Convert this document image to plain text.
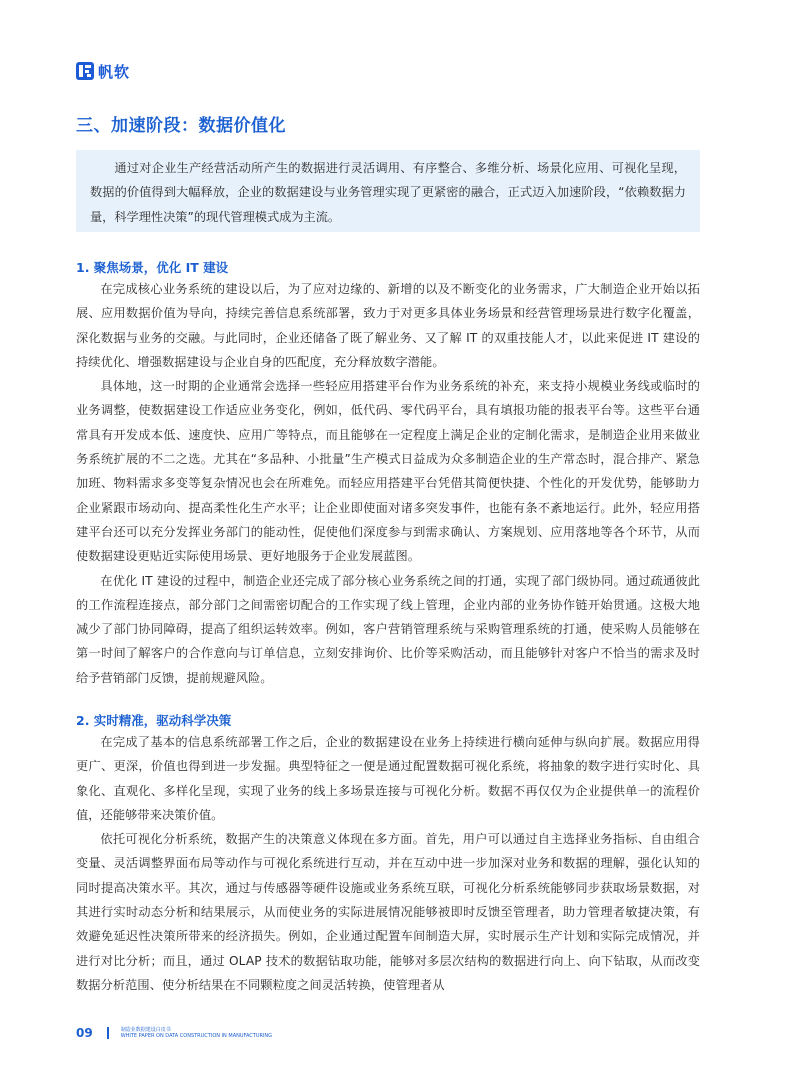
帆软
三、加速阶段：数据价值化

通过对企业生产经营活动所产生的数据进行灵活调用、有序整合、多维分析、场景化应用、可视化呈现，数据的价值得到大幅释放，企业的数据建设与业务管理实现了更紧密的融合，正式迈入加速阶段，“依赖数据力量，科学理性决策”的现代管理模式成为主流。

1. 聚焦场景，优化 IT 建设

在完成核心业务系统的建设以后，为了应对边缘的、新增的以及不断变化的业务需求，广大制造企业开始以拓展、应用数据价值为导向，持续完善信息系统部署，致力于对更多具体业务场景和经营管理场景进行数字化覆盖，深化数据与业务的交融。与此同时，企业还储备了既了解业务、又了解 IT 的双重技能人才，以此来促进 IT 建设的持续优化、增强数据建设与企业自身的匹配度，充分释放数字潜能。

具体地，这一时期的企业通常会选择一些轻应用搭建平台作为业务系统的补充，来支持小规模业务线或临时的业务调整，使数据建设工作适应业务变化，例如，低代码、零代码平台，具有填报功能的报表平台等。这些平台通常具有开发成本低、速度快、应用广等特点，而且能够在一定程度上满足企业的定制化需求，是制造企业用来做业务系统扩展的不二之选。尤其在“多品种、小批量”生产模式日益成为众多制造企业的生产常态时，混合排产、紧急加班、物料需求多变等复杂情况也会在所难免。而轻应用搭建平台凭借其简便快捷、个性化的开发优势，能够助力企业紧跟市场动向、提高柔性化生产水平；让企业即使面对诸多突发事件，也能有条不紊地运行。此外，轻应用搭建平台还可以充分发挥业务部门的能动性，促使他们深度参与到需求确认、方案规划、应用落地等各个环节，从而使数据建设更贴近实际使用场景、更好地服务于企业发展蓝图。

在优化 IT 建设的过程中，制造企业还完成了部分核心业务系统之间的打通，实现了部门级协同。通过疏通彼此的工作流程连接点，部分部门之间需密切配合的工作实现了线上管理，企业内部的业务协作链开始贯通。这极大地减少了部门协同障碍，提高了组织运转效率。例如，客户营销管理系统与采购管理系统的打通，使采购人员能够在第一时间了解客户的合作意向与订单信息，立刻安排询价、比价等采购活动，而且能够针对客户不恰当的需求及时给予营销部门反馈，提前规避风险。

2. 实时精准，驱动科学决策

在完成了基本的信息系统部署工作之后，企业的数据建设在业务上持续进行横向延伸与纵向扩展。数据应用得更广、更深，价值也得到进一步发掘。典型特征之一便是通过配置数据可视化系统，将抽象的数字进行实时化、具象化、直观化、多样化呈现，实现了业务的线上多场景连接与可视化分析。数据不再仅仅为企业提供单一的流程价值，还能够带来决策价值。

依托可视化分析系统，数据产生的决策意义体现在多方面。首先，用户可以通过自主选择业务指标、自由组合变量、灵活调整界面布局等动作与可视化系统进行互动，并在互动中进一步加深对业务和数据的理解，强化认知的同时提高决策水平。其次，通过与传感器等硬件设施或业务系统互联，可视化分析系统能够同步获取场景数据，对其进行实时动态分析和结果展示，从而使业务的实际进展情况能够被即时反馈至管理者，助力管理者敏捷决策，有效避免延迟性决策所带来的经济损失。例如，企业通过配置车间制造大屏，实时展示生产计划和实际完成情况，并进行对比分析；而且，通过 OLAP 技术的数据钻取功能，能够对多层次结构的数据进行向上、向下钻取，从而改变数据分析范围、使分析结果在不同颗粒度之间灵活转换，使管理者从

09	制造业数据建设白皮书
WHITE PAPER ON DATA CONSTRUCTION IN MANUFACTURING
